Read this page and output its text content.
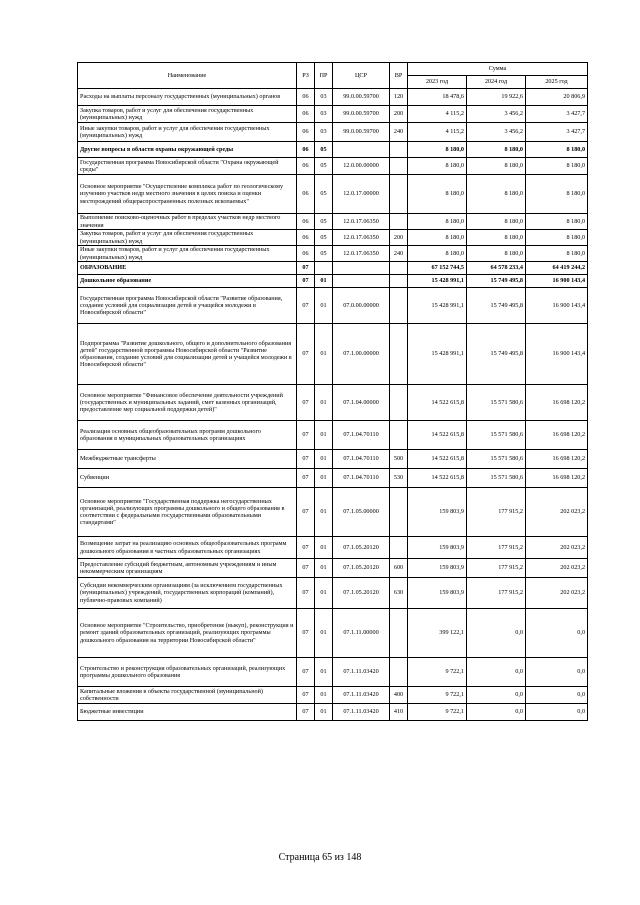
Наименование	РЗ	ПР	ЦСР	ВР	Сумма		
					2023 год	2024 год	2025 год
Расходы на выплаты персоналу государственных (муниципальных) органов	06	03	99.0.00.59700	120	18 478,6	19 922,6	20 806,9
Закупка товаров, работ и услуг для обеспечения государственных (муниципальных) нужд	06	03	99.0.00.59700	200	4 115,2	3 456,2	3 427,7
Иные закупки товаров, работ и услуг для обеспечения государственных (муниципальных) нужд	06	03	99.0.00.59700	240	4 115,2	3 456,2	3 427,7
Другие вопросы в области охраны окружающей среды	06	05			8 180,0	8 180,0	8 180,0
Государственная программа Новосибирской области "Охрана окружающей среды"	06	05	12.0.00.00000		8 180,0	8 180,0	8 180,0
Основное мероприятие "Осуществление комплекса работ по геологическому изучению участков недр местного значения в целях поиска и оценки месторождений общераспространенных полезных ископаемых"	06	05	12.0.17.00000		8 180,0	8 180,0	8 180,0
Выполнение поисково-оценочных работ в пределах участков недр местного значения	06	05	12.0.17.06350		8 180,0	8 180,0	8 180,0
Закупка товаров, работ и услуг для обеспечения государственных (муниципальных) нужд	06	05	12.0.17.06350	200	8 180,0	8 180,0	8 180,0
Иные закупки товаров, работ и услуг для обеспечения государственных (муниципальных) нужд	06	05	12.0.17.06350	240	8 180,0	8 180,0	8 180,0
ОБРАЗОВАНИЕ	07				67 152 744,5	64 578 233,4	64 419 244,2
Дошкольное образование	07	01			15 428 991,1	15 749 495,8	16 900 143,4
Государственная программа Новосибирской области "Развитие образования, создание условий для социализации детей и учащейся молодежи в Новосибирской области"	07	01	07.0.00.00000		15 428 991,1	15 749 495,8	16 900 143,4
Подпрограмма "Развитие дошкольного, общего и дополнительного образования детей" государственной программы Новосибирской области "Развитие образования, создание условий для социализации детей и учащейся молодежи в Новосибирской области"	07	01	07.1.00.00000		15 428 991,1	15 749 495,8	16 900 143,4
Основное мероприятие "Финансовое обеспечение деятельности учреждений (государственных и муниципальных заданий, смет казенных организаций, предоставление мер социальной поддержки детей)"	07	01	07.1.04.00000		14 522 615,8	15 571 580,6	16 698 120,2
Реализация основных общеобразовательных программ дошкольного образования в муниципальных образовательных организациях	07	01	07.1.04.70110		14 522 615,8	15 571 580,6	16 698 120,2
Межбюджетные трансферты	07	01	07.1.04.70110	500	14 522 615,8	15 571 580,6	16 698 120,2
Субвенции	07	01	07.1.04.70110	530	14 522 615,8	15 571 580,6	16 698 120,2
Основное мероприятие "Государственная поддержка негосударственных организаций, реализующих программы дошкольного и общего образования в соответствии с федеральными государственными образовательными стандартами"	07	01	07.1.05.00000		159 803,9	177 915,2	202 023,2
Возмещение затрат на реализацию основных общеобразовательных программ дошкольного образования в частных образовательных организациях	07	01	07.1.05.20120		159 803,9	177 915,2	202 023,2
Предоставление субсидий бюджетным, автономным учреждениям и иным некоммерческим организациям	07	01	07.1.05.20120	600	159 803,9	177 915,2	202 023,2
Субсидии некоммерческим организациям (за исключением государственных (муниципальных) учреждений, государственных корпораций (компаний), публично-правовых компаний)	07	01	07.1.05.20120	630	159 803,9	177 915,2	202 023,2
Основное мероприятие "Строительство, приобретение (выкуп), реконструкция и ремонт зданий образовательных организаций, реализующих программы дошкольного образования на территории Новосибирской области"	07	01	07.1.11.00000		399 122,1	0,0	0,0
Строительство и реконструкция образовательных организаций, реализующих программы дошкольного образования	07	01	07.1.11.03420		9 722,1	0,0	0,0
Капитальные вложения в объекты государственной (муниципальной) собственности	07	01	07.1.11.03420	400	9 722,1	0,0	0,0
Бюджетные инвестиции	07	01	07.1.11.03420	410	9 722,1	0,0	0,0
Страница 65 из 148
